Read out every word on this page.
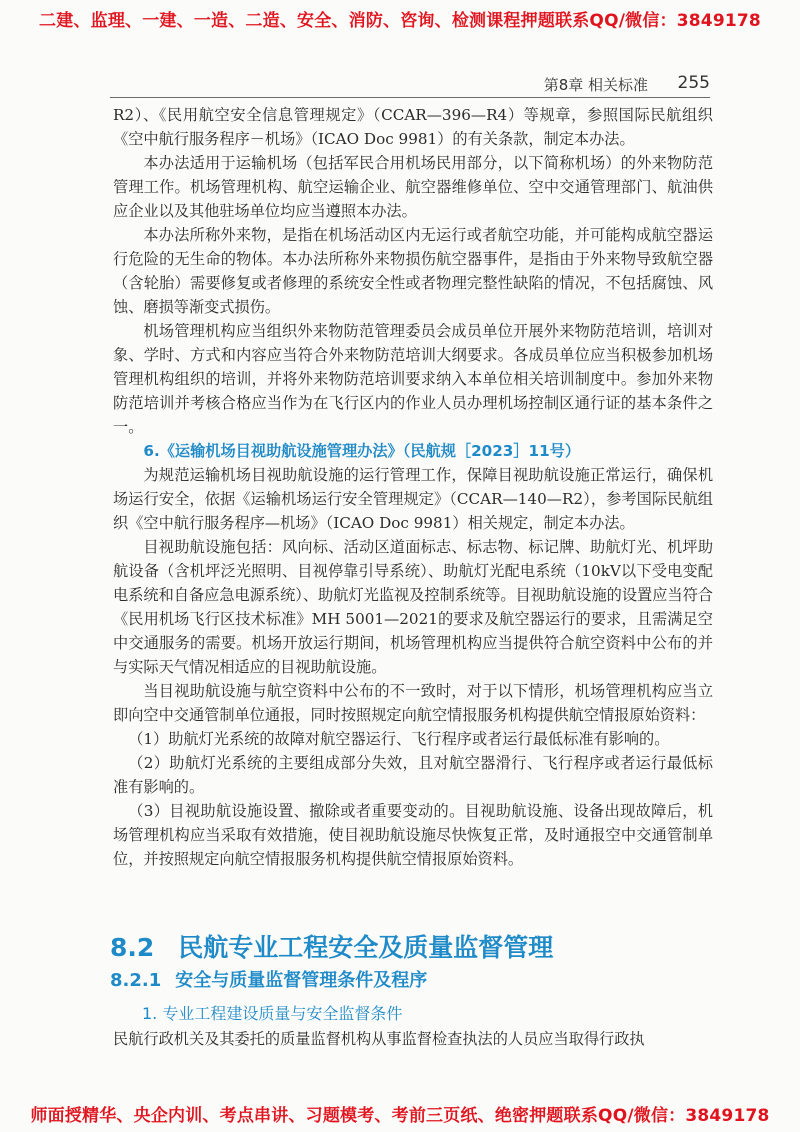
二建、监理、一建、一造、二造、安全、消防、咨询、检测课程押题联系QQ/微信：3849178
第8章 相关标准 255

R2）、《民用航空安全信息管理规定》（CCAR—396—R4）等规章，参照国际民航组织《空中航行服务程序－机场》（ICAO Doc 9981）的有关条款，制定本办法。

本办法适用于运输机场（包括军民合用机场民用部分，以下简称机场）的外来物防范管理工作。机场管理机构、航空运输企业、航空器维修单位、空中交通管理部门、航油供应企业以及其他驻场单位均应当遵照本办法。

本办法所称外来物，是指在机场活动区内无运行或者航空功能，并可能构成航空器运行危险的无生命的物体。本办法所称外来物损伤航空器事件，是指由于外来物导致航空器（含轮胎）需要修复或者修理的系统安全性或者物理完整性缺陷的情况，不包括腐蚀、风蚀、磨损等渐变式损伤。

机场管理机构应当组织外来物防范管理委员会成员单位开展外来物防范培训，培训对象、学时、方式和内容应当符合外来物防范培训大纲要求。各成员单位应当积极参加机场管理机构组织的培训，并将外来物防范培训要求纳入本单位相关培训制度中。参加外来物防范培训并考核合格应当作为在飞行区内的作业人员办理机场控制区通行证的基本条件之一。

6.《运输机场目视助航设施管理办法》（民航规［2023］11号）

为规范运输机场目视助航设施的运行管理工作，保障目视助航设施正常运行，确保机场运行安全，依据《运输机场运行安全管理规定》（CCAR—140—R2），参考国际民航组织《空中航行服务程序—机场》（ICAO Doc 9981）相关规定，制定本办法。

目视助航设施包括：风向标、活动区道面标志、标志物、标记牌、助航灯光、机坪助航设备（含机坪泛光照明、目视停靠引导系统）、助航灯光配电系统（10kV以下受电变配电系统和自备应急电源系统）、助航灯光监视及控制系统等。目视助航设施的设置应当符合《民用机场飞行区技术标准》MH 5001—2021的要求及航空器运行的要求，且需满足空中交通服务的需要。机场开放运行期间，机场管理机构应当提供符合航空资料中公布的并与实际天气情况相适应的目视助航设施。

当目视助航设施与航空资料中公布的不一致时，对于以下情形，机场管理机构应当立即向空中交通管制单位通报，同时按照规定向航空情报服务机构提供航空情报原始资料：

（1）助航灯光系统的故障对航空器运行、飞行程序或者运行最低标准有影响的。

（2）助航灯光系统的主要组成部分失效，且对航空器滑行、飞行程序或者运行最低标准有影响的。

（3）目视助航设施设置、撤除或者重要变动的。目视助航设施、设备出现故障后，机场管理机构应当采取有效措施，使目视助航设施尽快恢复正常，及时通报空中交通管制单位，并按照规定向航空情报服务机构提供航空情报原始资料。

8.2 民航专业工程安全及质量监督管理
8.2.1 安全与质量监督管理条件及程序
1. 专业工程建设质量与安全监督条件
民航行政机关及其委托的质量监督机构从事监督检查执法的人员应当取得行政执
师面授精华、央企内训、考点串讲、习题模考、考前三页纸、绝密押题联系QQ/微信：3849178
